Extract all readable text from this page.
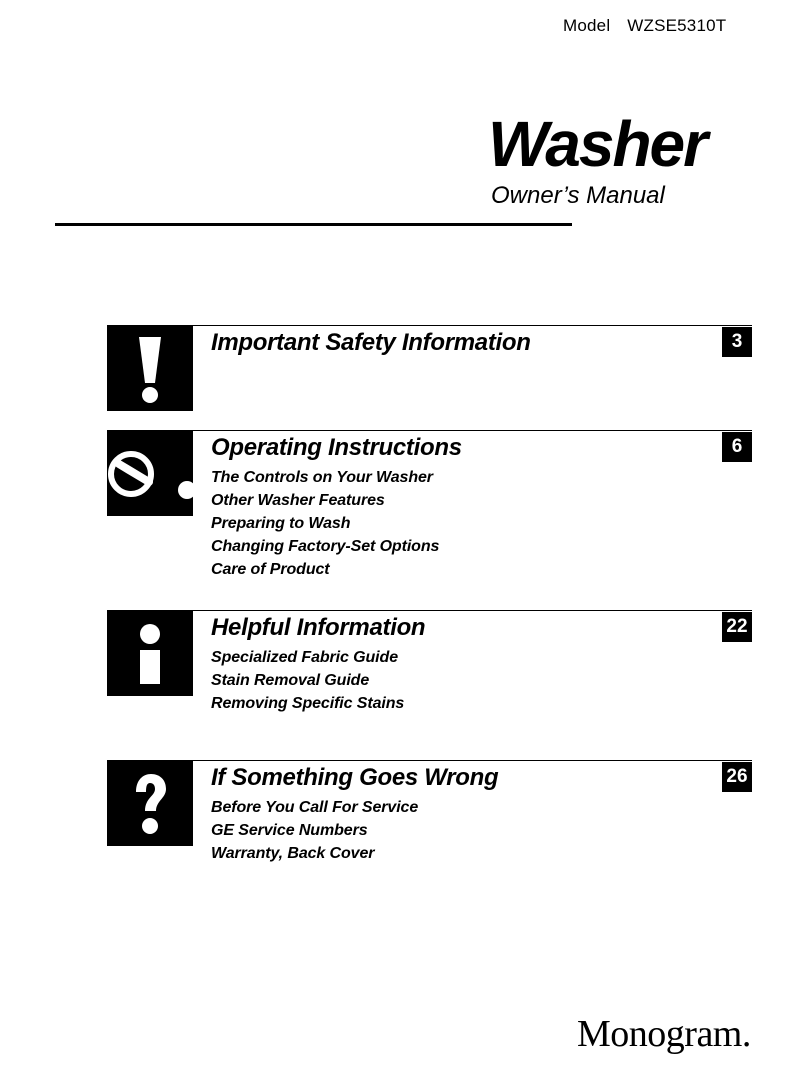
Model WZSE5310T
Washer
Owner’s Manual
Important Safety Information	3
Operating Instructions	6
The Controls on Your Washer
Other Washer Features
Preparing to Wash
Changing Factory-Set Options
Care of Product
Helpful Information	22
Specialized Fabric Guide
Stain Removal Guide
Removing Specific Stains
If Something Goes Wrong	26
Before You Call For Service
GE Service Numbers
Warranty, Back Cover
Monogram.
